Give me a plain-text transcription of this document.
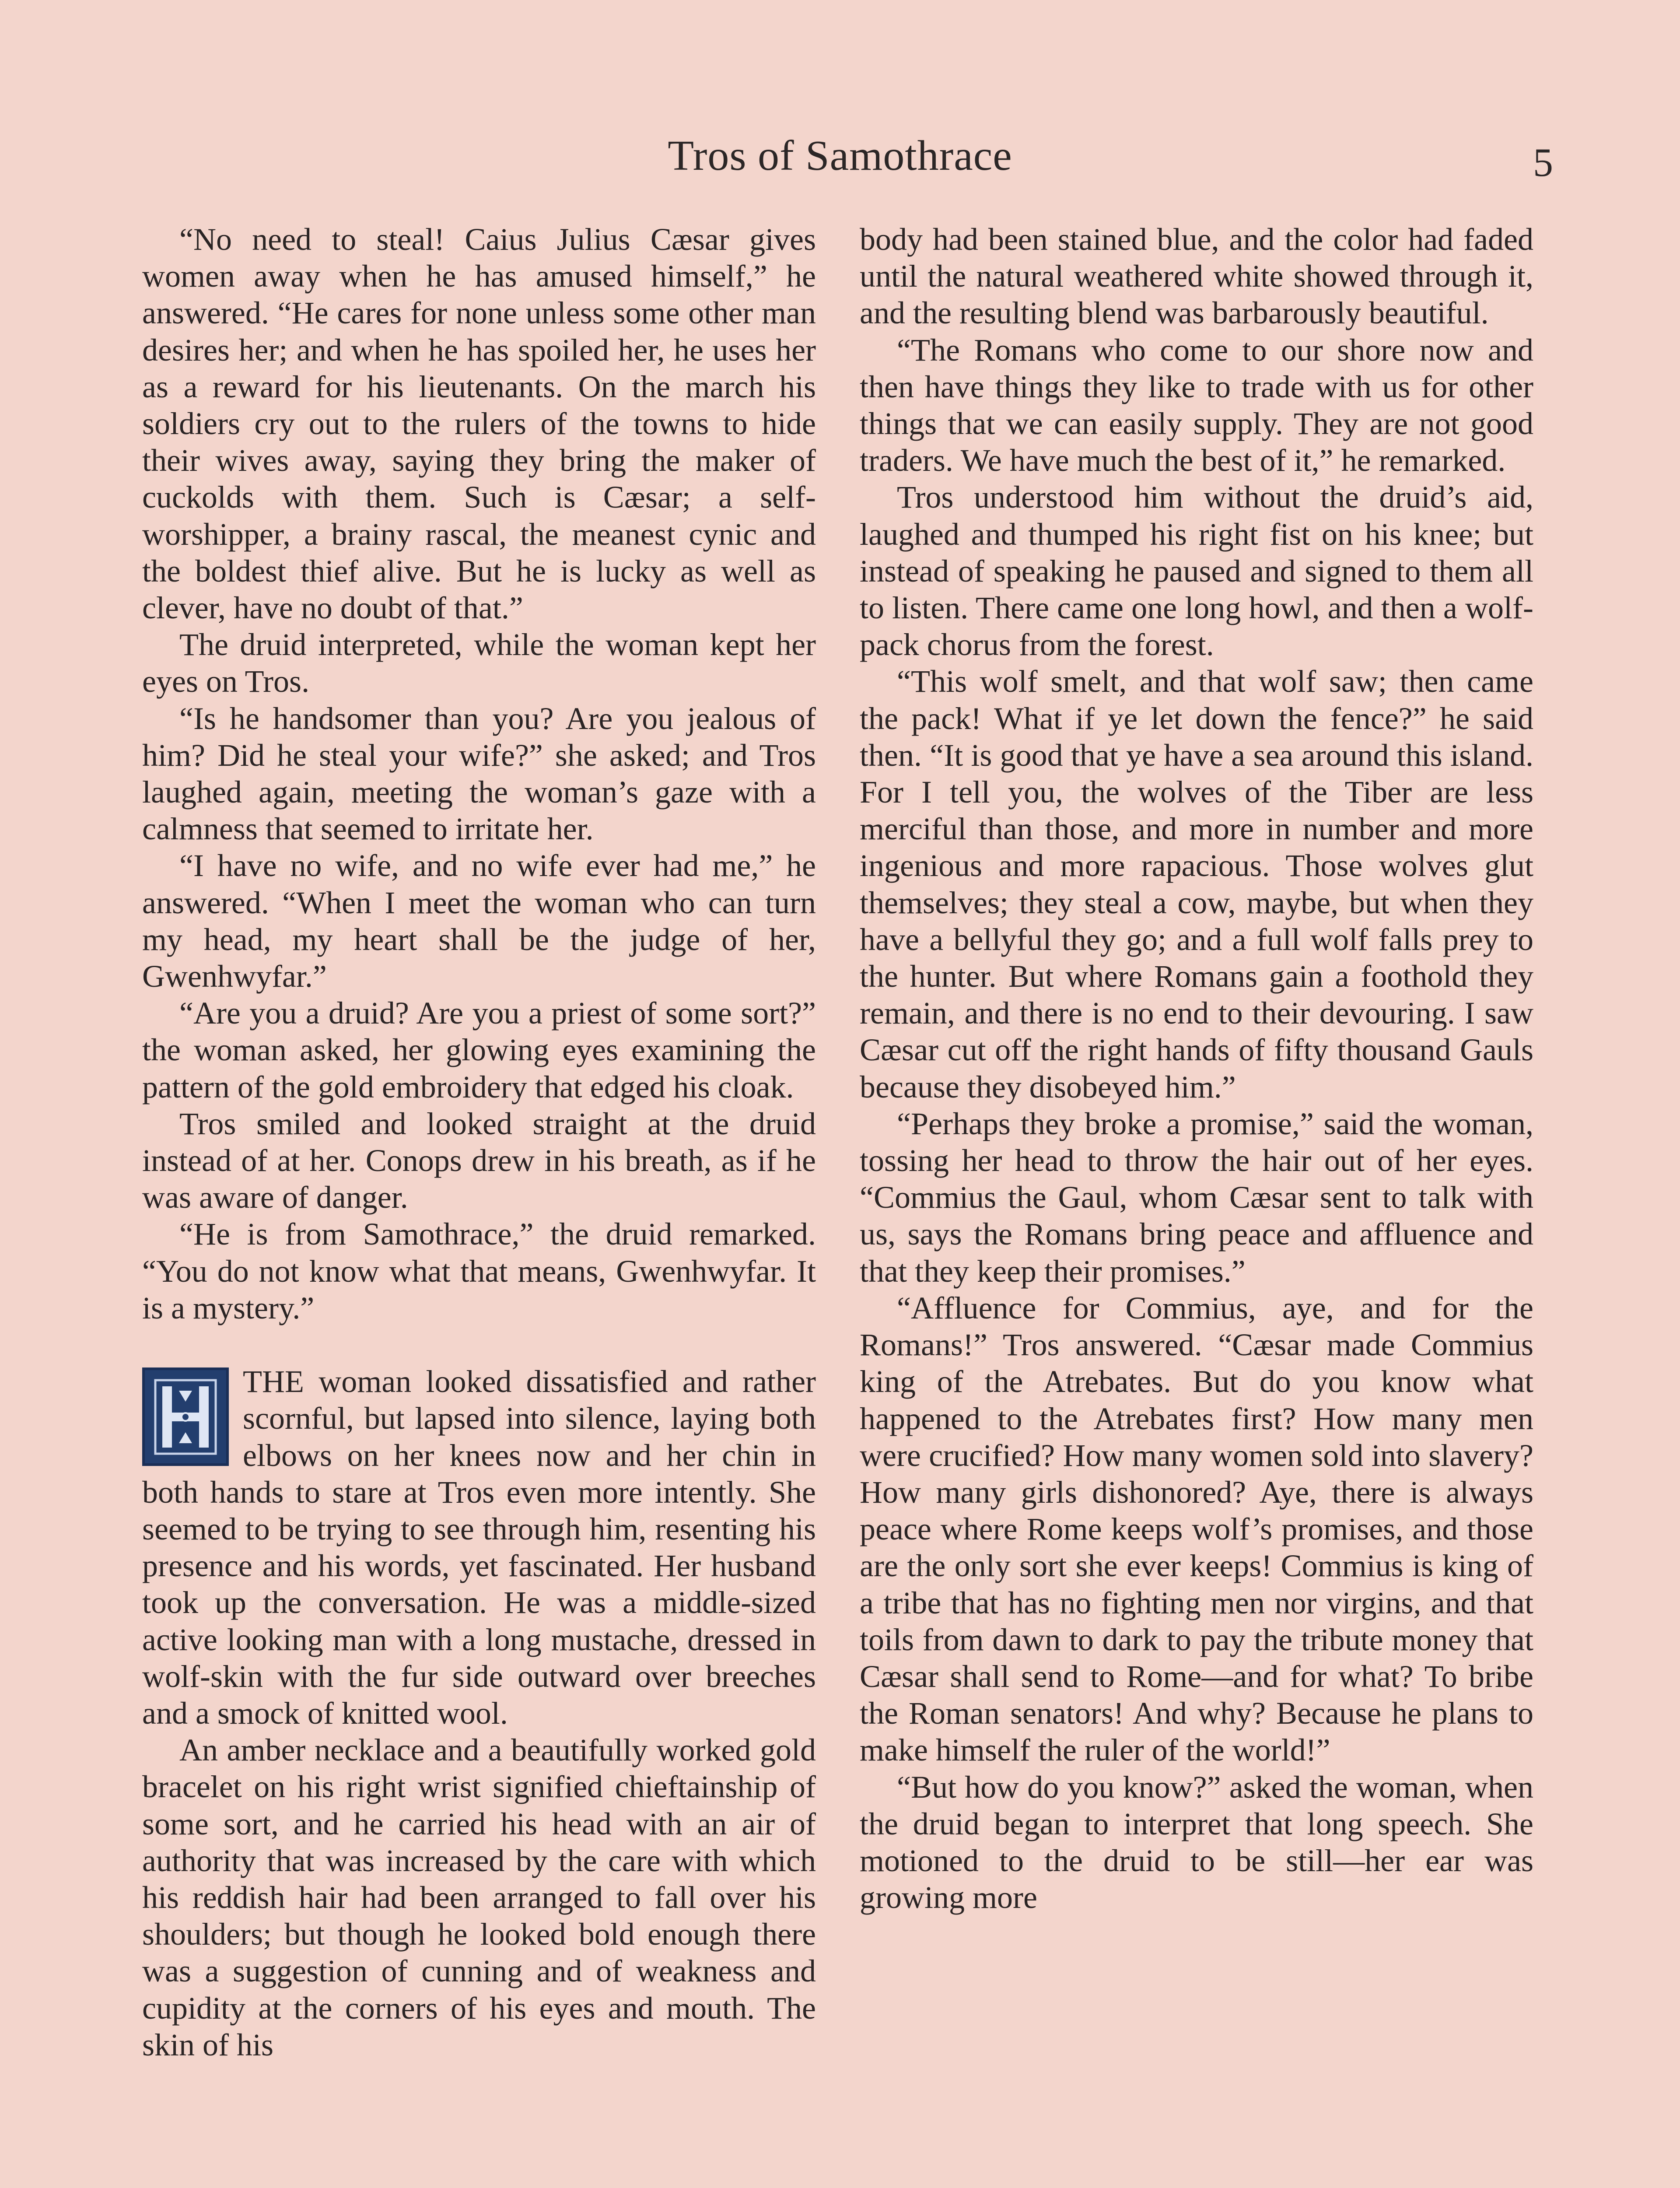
Tros of Samothrace	5

“No need to steal! Caius Julius Cæsar gives women away when he has amused himself,” he answered. “He cares for none unless some other man desires her; and when he has spoiled her, he uses her as a reward for his lieutenants. On the march his soldiers cry out to the rulers of the towns to hide their wives away, saying they bring the maker of cuckolds with them. Such is Cæsar; a self-worshipper, a brainy rascal, the meanest cynic and the boldest thief alive. But he is lucky as well as clever, have no doubt of that.”

The druid interpreted, while the woman kept her eyes on Tros.

“Is he handsomer than you? Are you jealous of him? Did he steal your wife?” she asked; and Tros laughed again, meeting the woman’s gaze with a calmness that seemed to irritate her.

“I have no wife, and no wife ever had me,” he answered. “When I meet the woman who can turn my head, my heart shall be the judge of her, Gwenhwyfar.”

“Are you a druid? Are you a priest of some sort?” the woman asked, her glowing eyes examining the pattern of the gold embroidery that edged his cloak.

Tros smiled and looked straight at the druid instead of at her. Conops drew in his breath, as if he was aware of danger.

“He is from Samothrace,” the druid remarked. “You do not know what that means, Gwenhwyfar. It is a mystery.”

THE woman looked dissatisfied and rather scornful, but lapsed into silence, laying both elbows on her knees now and her chin in both hands to stare at Tros even more intently. She seemed to be trying to see through him, resenting his presence and his words, yet fascinated. Her husband took up the conversation. He was a middle-sized active looking man with a long mustache, dressed in wolf-skin with the fur side outward over breeches and a smock of knitted wool.

An amber necklace and a beautifully worked gold bracelet on his right wrist signified chieftainship of some sort, and he carried his head with an air of authority that was increased by the care with which his reddish hair had been arranged to fall over his shoulders; but though he looked bold enough there was a suggestion of cunning and of weakness and cupidity at the corners of his eyes and mouth. The skin of his

body had been stained blue, and the color had faded until the natural weathered white showed through it, and the resulting blend was barbarously beautiful.

“The Romans who come to our shore now and then have things they like to trade with us for other things that we can easily supply. They are not good traders. We have much the best of it,” he remarked.

Tros understood him without the druid’s aid, laughed and thumped his right fist on his knee; but instead of speaking he paused and signed to them all to listen. There came one long howl, and then a wolf-pack chorus from the forest.

“This wolf smelt, and that wolf saw; then came the pack! What if ye let down the fence?” he said then. “It is good that ye have a sea around this island. For I tell you, the wolves of the Tiber are less merciful than those, and more in number and more ingenious and more rapacious. Those wolves glut themselves; they steal a cow, maybe, but when they have a bellyful they go; and a full wolf falls prey to the hunter. But where Romans gain a foothold they remain, and there is no end to their devouring. I saw Cæsar cut off the right hands of fifty thousand Gauls because they disobeyed him.”

“Perhaps they broke a promise,” said the woman, tossing her head to throw the hair out of her eyes. “Commius the Gaul, whom Cæsar sent to talk with us, says the Romans bring peace and affluence and that they keep their promises.”

“Affluence for Commius, aye, and for the Romans!” Tros answered. “Cæsar made Commius king of the Atrebates. But do you know what happened to the Atrebates first? How many men were crucified? How many women sold into slavery? How many girls dishonored? Aye, there is always peace where Rome keeps wolf’s promises, and those are the only sort she ever keeps! Commius is king of a tribe that has no fighting men nor virgins, and that toils from dawn to dark to pay the tribute money that Cæsar shall send to Rome—and for what? To bribe the Roman senators! And why? Because he plans to make himself the ruler of the world!”

“But how do you know?” asked the woman, when the druid began to interpret that long speech. She motioned to the druid to be still—her ear was growing more
